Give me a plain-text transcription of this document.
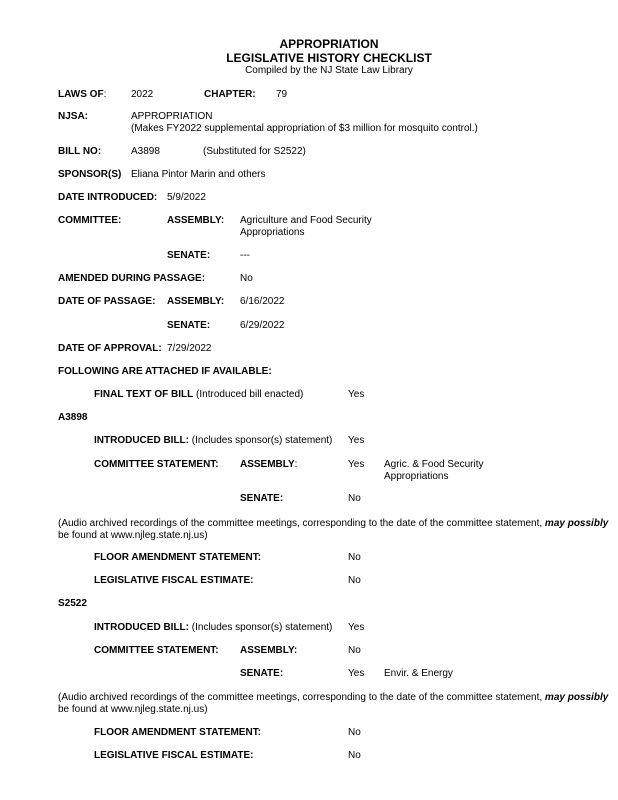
APPROPRIATION
LEGISLATIVE HISTORY CHECKLIST
Compiled by the NJ State Law Library
LAWS OF: 2022	CHAPTER: 79
NJSA:	APPROPRIATION
(Makes FY2022 supplemental appropriation of $3 million for mosquito control.)
BILL NO:	A3898	(Substituted for S2522)
SPONSOR(S) Eliana Pintor Marin and others
DATE INTRODUCED: 5/9/2022
COMMITTEE:	ASSEMBLY: Agriculture and Food Security
Appropriations
SENATE:	---
AMENDED DURING PASSAGE:	No
DATE OF PASSAGE: ASSEMBLY: 6/16/2022
SENATE:	6/29/2022
DATE OF APPROVAL: 7/29/2022
FOLLOWING ARE ATTACHED IF AVAILABLE:
FINAL TEXT OF BILL (Introduced bill enacted)	Yes
A3898
INTRODUCED BILL: (Includes sponsor(s) statement) Yes
COMMITTEE STATEMENT: ASSEMBLY:	Yes Agric. & Food Security
Appropriations
SENATE:	No
(Audio archived recordings of the committee meetings, corresponding to the date of the committee statement, may possibly
be found at www.njleg.state.nj.us)
FLOOR AMENDMENT STATEMENT:	No
LEGISLATIVE FISCAL ESTIMATE:	No
S2522
INTRODUCED BILL: (Includes sponsor(s) statement) Yes
COMMITTEE STATEMENT: ASSEMBLY:	No
SENATE:	Yes Envir. & Energy
(Audio archived recordings of the committee meetings, corresponding to the date of the committee statement, may possibly
be found at www.njleg.state.nj.us)
FLOOR AMENDMENT STATEMENT:	No
LEGISLATIVE FISCAL ESTIMATE:	No
